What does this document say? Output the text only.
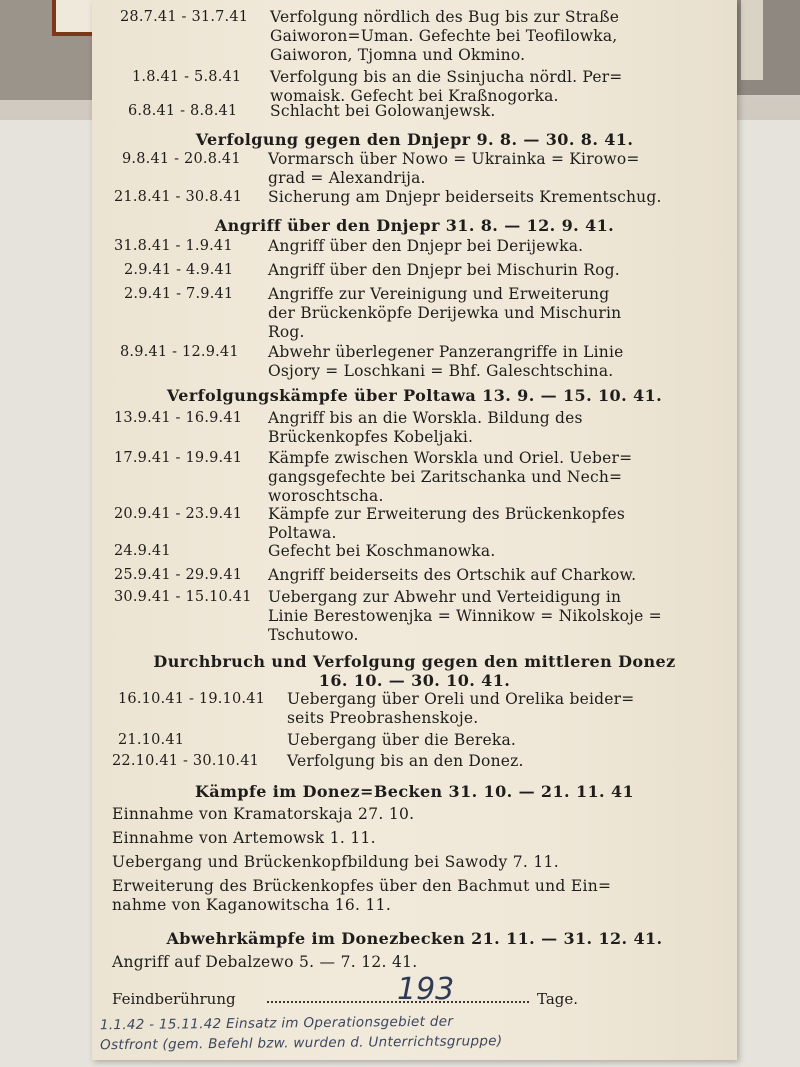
28.7.41 - 31.7.41 Verfolgung nördlich des Bug bis zur Straße
Gaiworon=Uman. Gefechte bei Teofilowka,
Gaiworon, Tjomna und Okmino.
1.8.41 - 5.8.41 Verfolgung bis an die Ssinjucha nördl. Per=
womaisk. Gefecht bei Kraßnogorka.
6.8.41 - 8.8.41 Schlacht bei Golowanjewsk.
Verfolgung gegen den Dnjepr 9. 8. — 30. 8. 41.
9.8.41 - 20.8.41 Vormarsch über Nowo = Ukrainka = Kirowo=
grad = Alexandrija.
21.8.41 - 30.8.41 Sicherung am Dnjepr beiderseits Krementschug.
Angriff über den Dnjepr 31. 8. — 12. 9. 41.
31.8.41 - 1.9.41 Angriff über den Dnjepr bei Derijewka.
2.9.41 - 4.9.41 Angriff über den Dnjepr bei Mischurin Rog.
2.9.41 - 7.9.41 Angriffe zur Vereinigung und Erweiterung
der Brückenköpfe Derijewka und Mischurin
Rog.
8.9.41 - 12.9.41 Abwehr überlegener Panzerangriffe in Linie
Osjory = Loschkani = Bhf. Galeschtschina.
Verfolgungskämpfe über Poltawa 13. 9. — 15. 10. 41.
13.9.41 - 16.9.41 Angriff bis an die Worskla. Bildung des
Brückenkopfes Kobeljaki.
17.9.41 - 19.9.41 Kämpfe zwischen Worskla und Oriel. Ueber=
gangsgefechte bei Zaritschanka und Nech=
woroschtscha.
20.9.41 - 23.9.41 Kämpfe zur Erweiterung des Brückenkopfes
Poltawa.
24.9.41	Gefecht bei Koschmanowka.
25.9.41 - 29.9.41 Angriff beiderseits des Ortschik auf Charkow.
30.9.41 - 15.10.41 Uebergang zur Abwehr und Verteidigung in
Linie Berestowenjka = Winnikow = Nikolskoje =
Tschutowo.
Durchbruch und Verfolgung gegen den mittleren Donez
16. 10. — 30. 10. 41.
16.10.41 - 19.10.41 Uebergang über Oreli und Orelika beider=
seits Preobrashenskoje.
21.10.41	Uebergang über die Bereka.
22.10.41 - 30.10.41 Verfolgung bis an den Donez.
Kämpfe im Donez=Becken 31. 10. — 21. 11. 41
Einnahme von Kramatorskaja 27. 10.
Einnahme von Artemowsk 1. 11.
Uebergang und Brückenkopfbildung bei Sawody 7. 11.
Erweiterung des Brückenkopfes über den Bachmut und Ein=
nahme von Kaganowitscha 16. 11.
Abwehrkämpfe im Donezbecken 21. 11. — 31. 12. 41.
Angriff auf Debalzewo 5. — 7. 12. 41.
Feindberührung	193	Tage.
1.1.42 - 15.11.42 Einsatz im Operationsgebiet der
Ostfront (gem. Befehl bzw. wurden d. Unterrichtsgruppe)
